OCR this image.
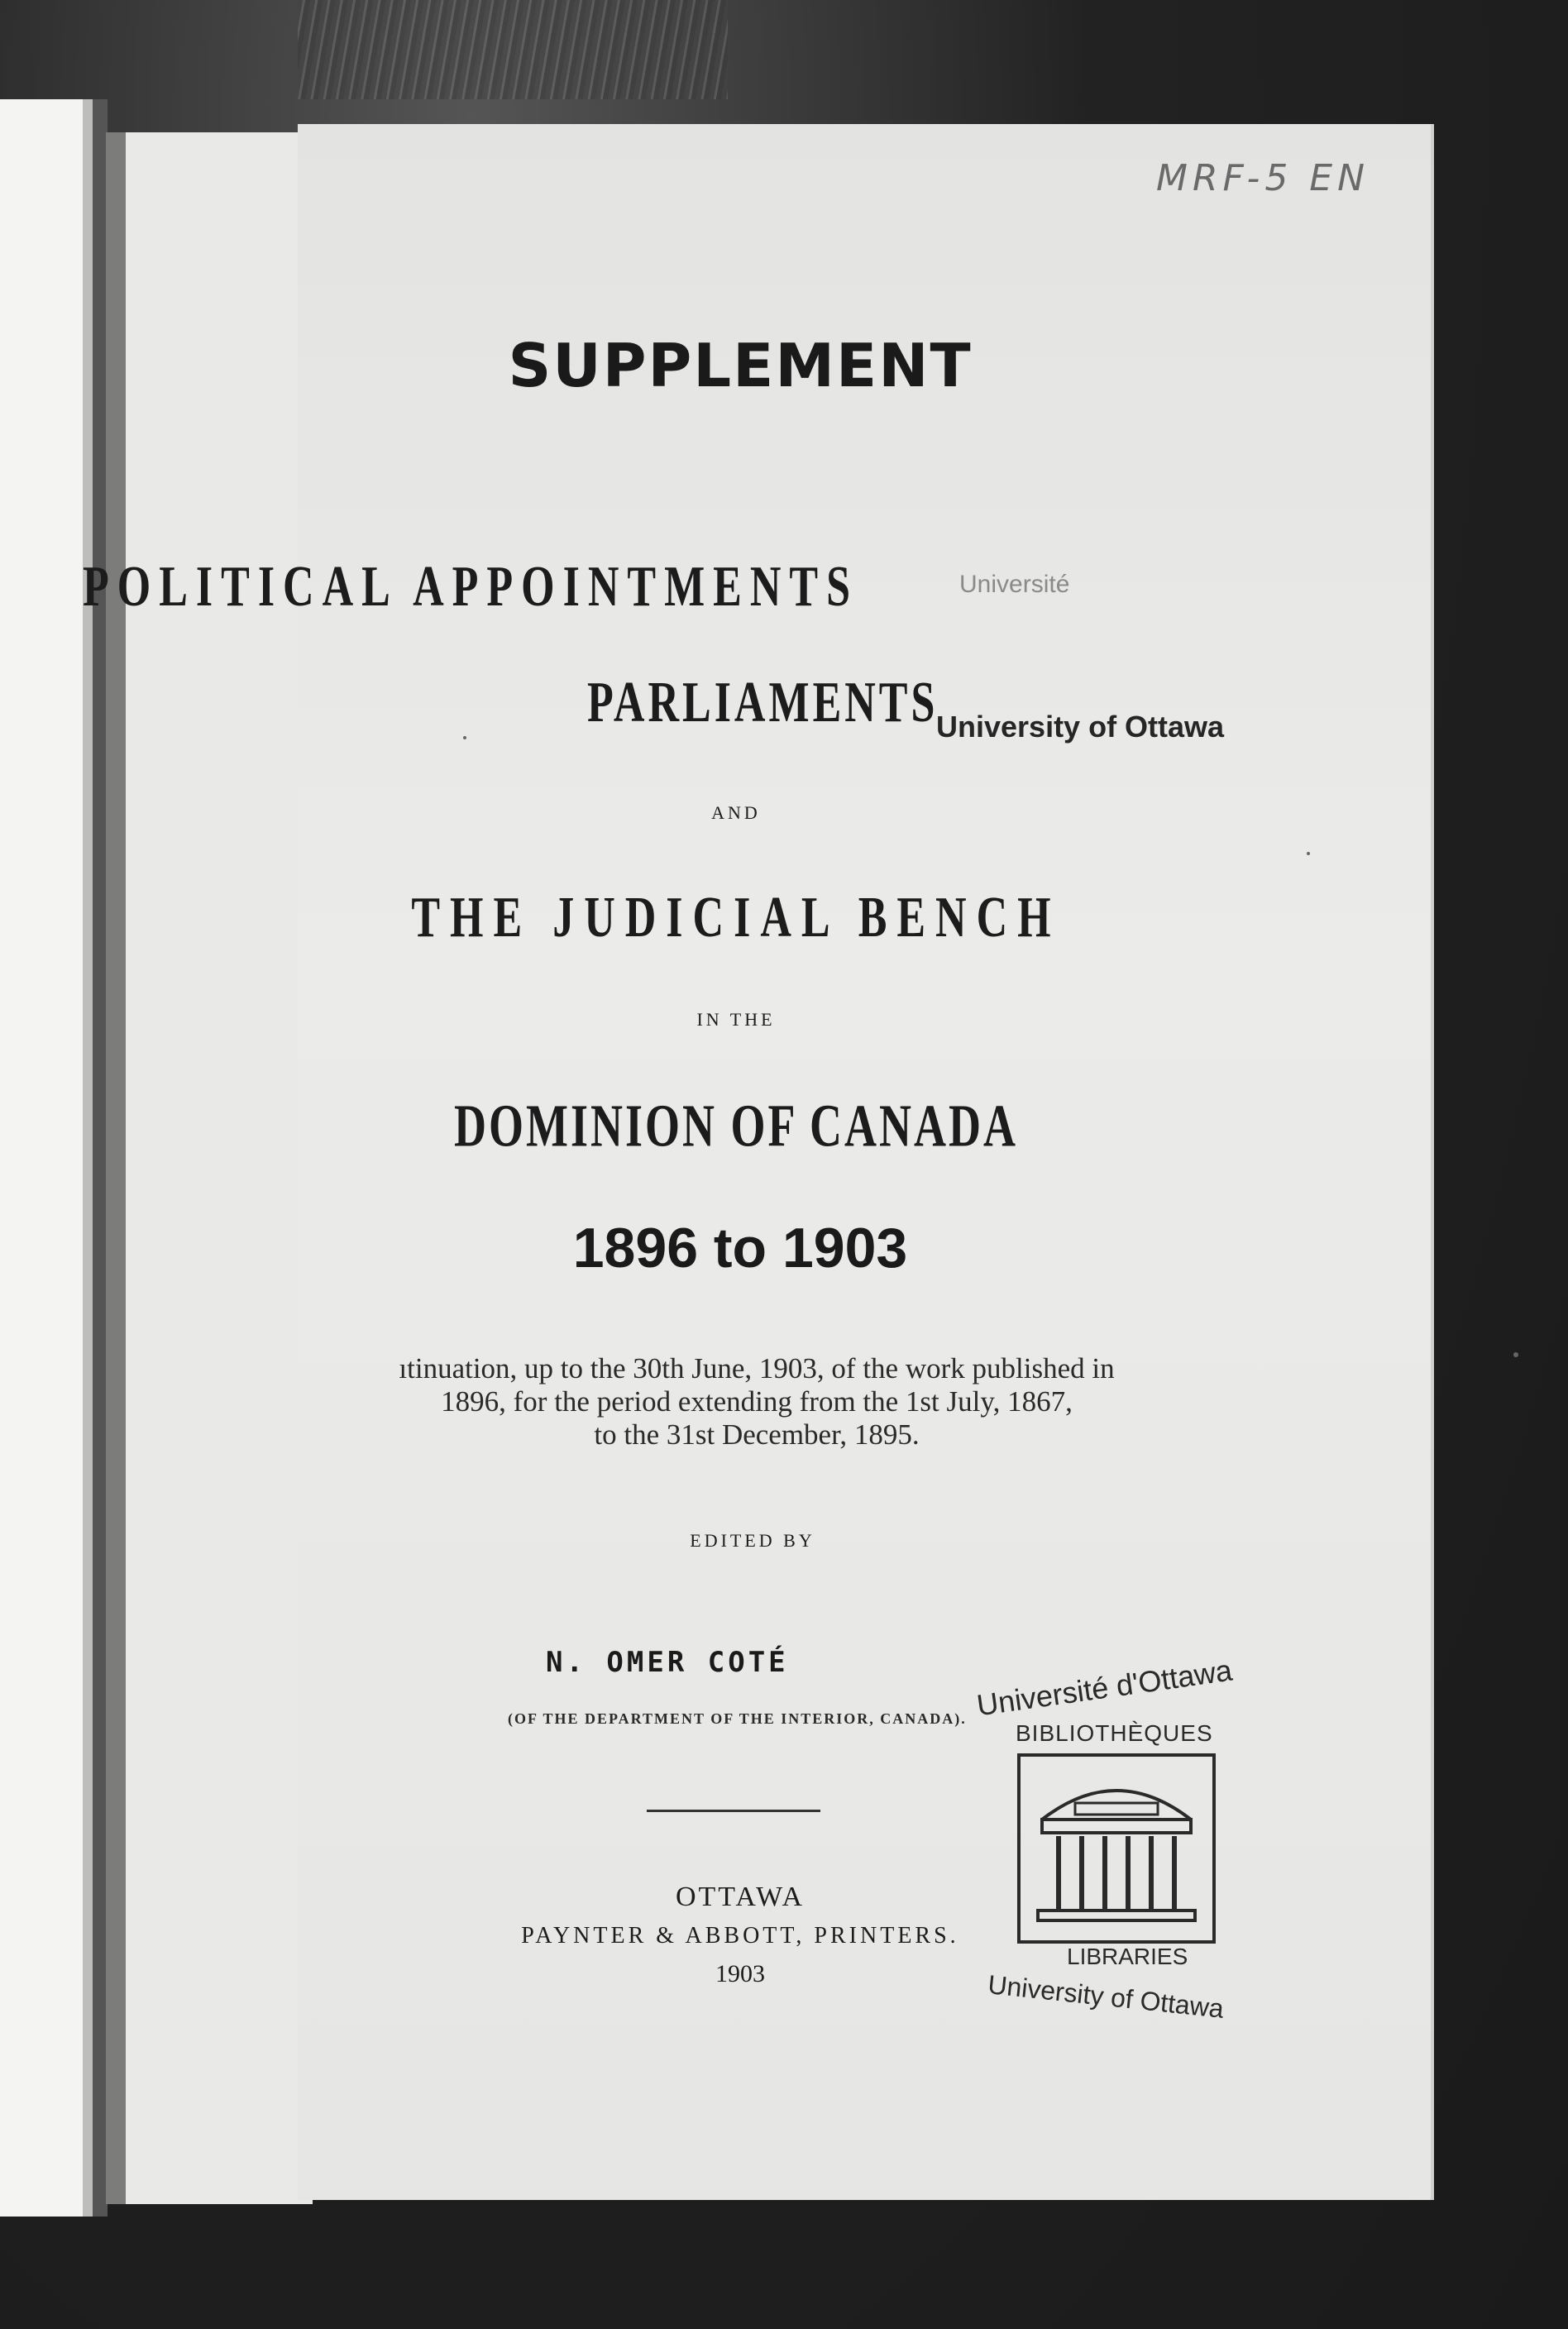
MRF-5 EN
SUPPLEMENT
POLITICAL APPOINTMENTS	Université
PARLIAMENTS
University of Ottawa
AND
THE JUDICIAL BENCH
IN THE
DOMINION OF CANADA
1896 to 1903
ıtinuation, up to the 30th June, 1903, of the work published in
1896, for the period extending from the 1st July, 1867,
to the 31st December, 1895.
EDITED BY
N. OMER COTÉ
(OF THE DEPARTMENT OF THE INTERIOR, CANADA).
OTTAWA
PAYNTER & ABBOTT, PRINTERS.
1903
Université d'Ottawa
BIBLIOTHÈQUES
LIBRARIES
University of Ottawa
